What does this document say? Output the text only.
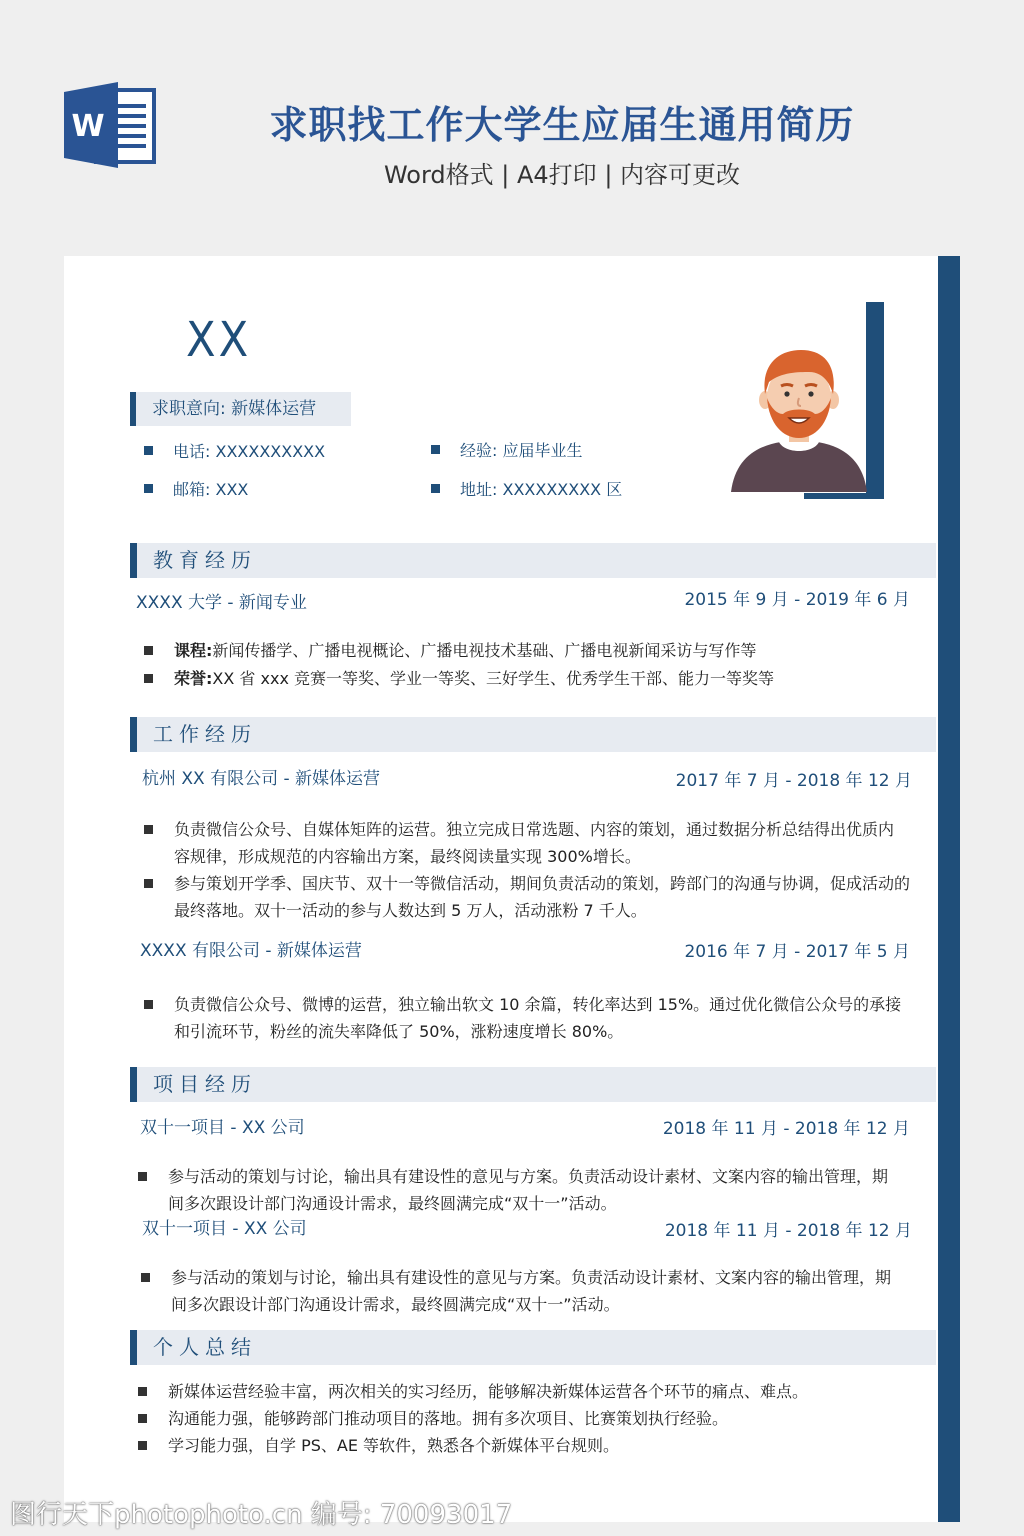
W	求职找工作大学生应届生通用简历
Word格式 | A4打印 | 内容可更改
XX
求职意向: 新媒体运营
电话: XXXXXXXXXX	经验: 应届毕业生
邮箱: XXX	地址: XXXXXXXXX 区
教育经历
XXXX 大学 - 新闻专业	2015 年 9 月 - 2019 年 6 月
课程:新闻传播学、广播电视概论、广播电视技术基础、广播电视新闻采访与写作等
荣誉:XX 省 xxx 竞赛一等奖、学业一等奖、三好学生、优秀学生干部、能力一等奖等
工作经历
杭州 XX 有限公司 - 新媒体运营	2017 年 7 月 - 2018 年 12 月
负责微信公众号、自媒体矩阵的运营。独立完成日常选题、内容的策划，通过数据分析总结得出优质内容规律，形成规范的内容输出方案，最终阅读量实现 300%增长。
参与策划开学季、国庆节、双十一等微信活动，期间负责活动的策划，跨部门的沟通与协调，促成活动的最终落地。双十一活动的参与人数达到 5 万人，活动涨粉 7 千人。
XXXX 有限公司 - 新媒体运营	2016 年 7 月 - 2017 年 5 月
负责微信公众号、微博的运营，独立输出软文 10 余篇，转化率达到 15%。通过优化微信公众号的承接和引流环节，粉丝的流失率降低了 50%，涨粉速度增长 80%。
项目经历
双十一项目 - XX 公司	2018 年 11 月 - 2018 年 12 月
参与活动的策划与讨论，输出具有建设性的意见与方案。负责活动设计素材、文案内容的输出管理，期间多次跟设计部门沟通设计需求，最终圆满完成“双十一”活动。
双十一项目 - XX 公司	2018 年 11 月 - 2018 年 12 月
参与活动的策划与讨论，输出具有建设性的意见与方案。负责活动设计素材、文案内容的输出管理，期间多次跟设计部门沟通设计需求，最终圆满完成“双十一”活动。
个人总结
新媒体运营经验丰富，两次相关的实习经历，能够解决新媒体运营各个环节的痛点、难点。
沟通能力强，能够跨部门推动项目的落地。拥有多次项目、比赛策划执行经验。
学习能力强，自学 PS、AE 等软件，熟悉各个新媒体平台规则。
图行天下photophoto.cn 编号: 70093017
